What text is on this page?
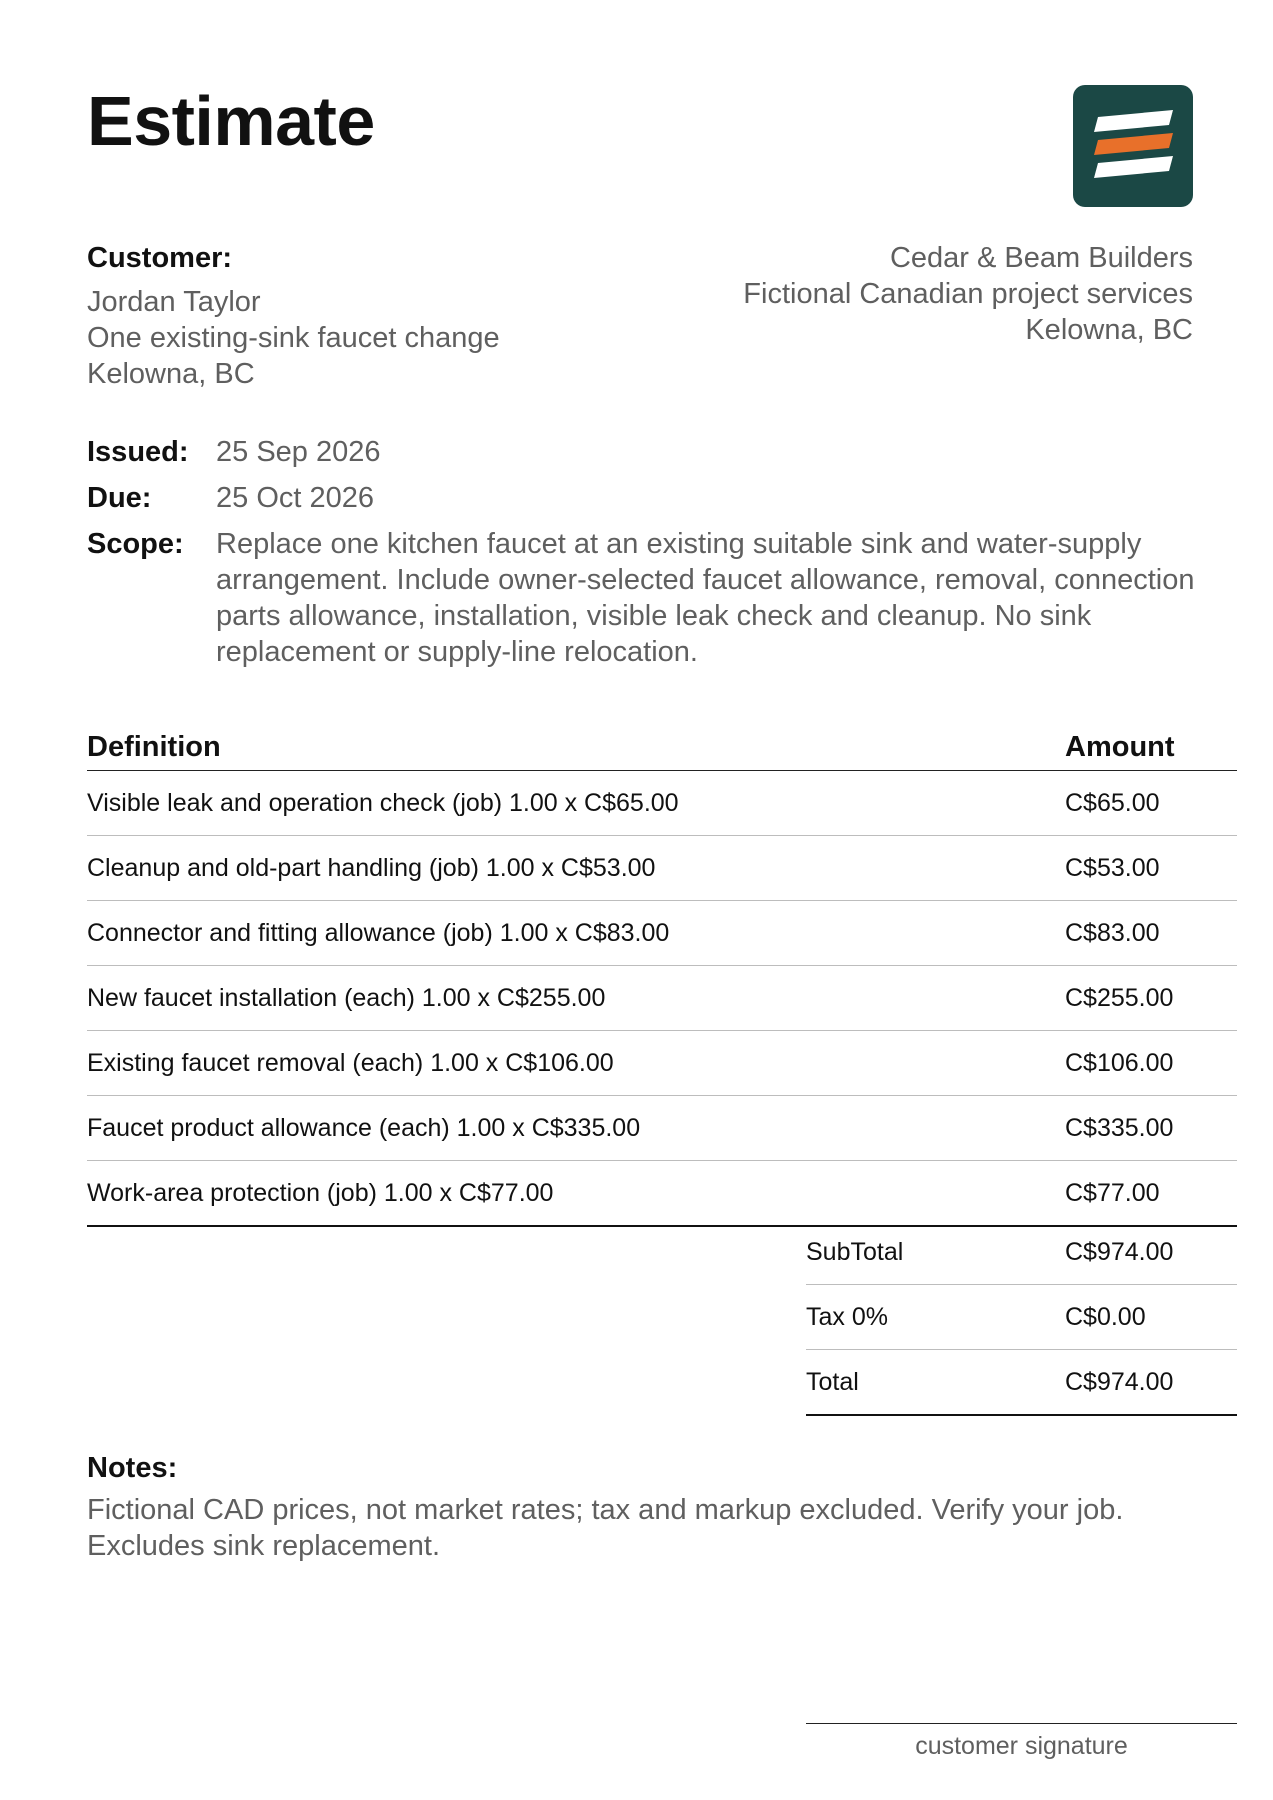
Estimate
Customer:
Jordan Taylor
One existing-sink faucet change
Kelowna, BC
Cedar & Beam Builders
Fictional Canadian project services
Kelowna, BC
Issued: 25 Sep 2026
Due:	25 Oct 2026
Scope:	Replace one kitchen faucet at an existing suitable sink and water-supply arrangement. Include owner-selected faucet allowance, removal, connection parts allowance, installation, visible leak check and cleanup. No sink replacement or supply-line relocation.
Definition	Amount
Visible leak and operation check (job) 1.00 x C$65.00	C$65.00
Cleanup and old-part handling (job) 1.00 x C$53.00	C$53.00
Connector and fitting allowance (job) 1.00 x C$83.00	C$83.00
New faucet installation (each) 1.00 x C$255.00	C$255.00
Existing faucet removal (each) 1.00 x C$106.00	C$106.00
Faucet product allowance (each) 1.00 x C$335.00	C$335.00
Work-area protection (job) 1.00 x C$77.00	C$77.00
SubTotal	C$974.00
Tax 0%	C$0.00
Total	C$974.00
Notes:
Fictional CAD prices, not market rates; tax and markup excluded. Verify your job. Excludes sink replacement.
customer signature
